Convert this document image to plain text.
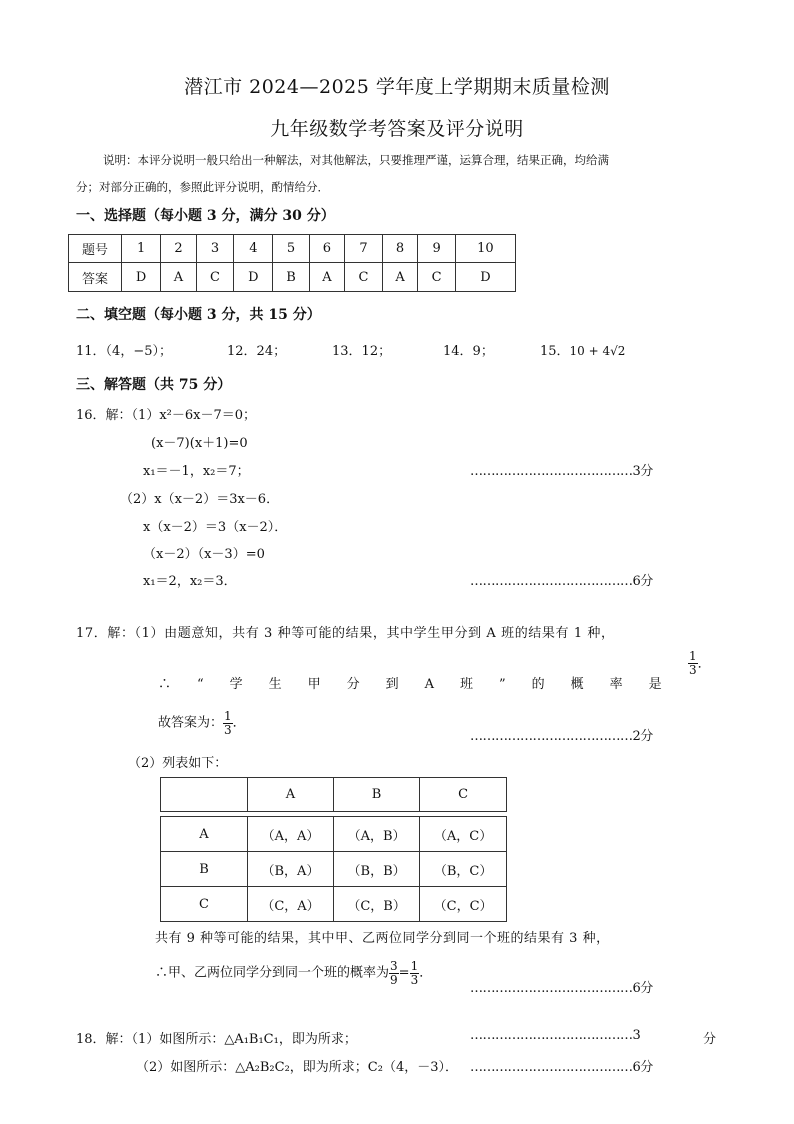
潜江市 2024—2025 学年度上学期期末质量检测
九年级数学考答案及评分说明
说明：本评分说明一般只给出一种解法，对其他解法，只要推理严谨，运算合理，结果正确，均给满
分；对部分正确的，参照此评分说明，酌情给分．
一、选择题（每小题 3 分，满分 30 分）
题号	1	2	3	4	5	6	7	8	9	10
答案	D	A	C	D	B	A	C	A	C	D
二、填空题（每小题 3 分，共 15 分）
11．（4，−5）；	12．24；	13．12；	14．9；	15．10 + 4√2
三、解答题（共 75 分）
16．解：（1）x²－6x－7＝0；
(x－7)(x＋1)=0
x₁＝－1，x₂＝7；	…………………………………3分
（2）x（x－2）＝3x－6．
x（x－2）＝3（x－2）．
（x－2）（x－3）=0
x₁＝2，x₂＝3．	…………………………………6分
17．解：（1）由题意知，共有 3 种等可能的结果，其中学生甲分到 A 班的结果有 1 种，
∴“学生甲分到A班”的概率是
$\frac{1}{3}$ ．
故答案为： $\frac{1}{3}$ ．
…………………………………2分
（2）列表如下：
	A	B	C

A	（A，A）	（A，B）	（A，C）
B	（B，A）	（B，B）	（B，C）
C	（C，A）	（C，B）	（C，C）
共有 9 种等可能的结果，其中甲、乙两位同学分到同一个班的结果有 3 种，
∴甲、乙两位同学分到同一个班的概率为 $\frac{3}{9} = \frac{1}{3}$ ．
…………………………………6分
18．解：（1）如图所示：△A₁B₁C₁，即为所求；	…………………………………3	分
（2）如图所示：△A₂B₂C₂，即为所求；C₂（4，－3）． …………………………………6分
